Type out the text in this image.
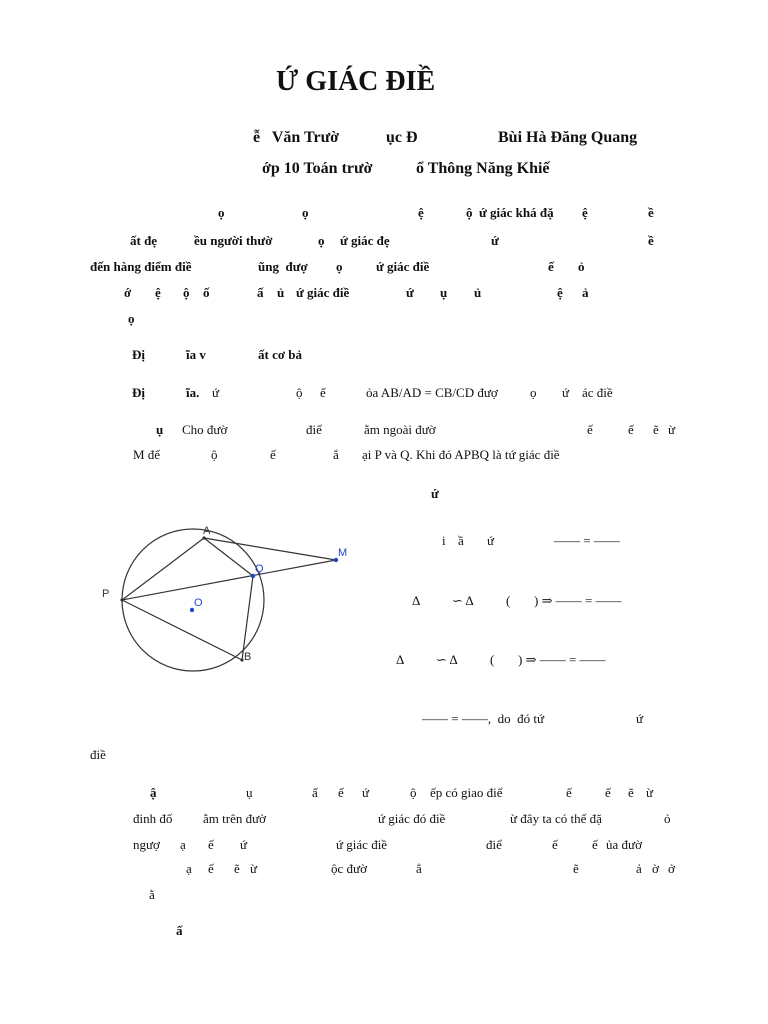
Ứ GIÁC ĐIỀ
ễ   Văn Trườ	ục Đ	Bùi Hà Đăng Quang
ớp 10 Toán trườ	ổ Thông Năng Khiế
ọ	ọ	ệ	ộ  ứ giác khá đặ ệ	ề
ất đẹ	ều người thườ	ọ ứ giác đẹ	ứ	ề
đến hàng điểm điề	ũng  đượ ọ	ứ giác điề	ế ỏ
ớ ệ ộ ố	ấ ủ ứ giác điề	ứ ụ ủ	ệ ả
ọ
Đị	ĩa v	ất cơ bả
Đị	ĩa. ứ	ộ ế	ỏa AB/AD = CB/CD đượ ọ ứ ác điề
ụ Cho đườ	điể	ằm ngoài đườ	ế	ế ẽ ừ
M đế	ộ	ế	ắ ại P và Q. Khi đó APBQ là tứ giác điề
ứ
A
M
Q
P
O
B
i ầ ứ	—— = ——
Δ ∽ Δ ( ) ⇒ —— = ——
Δ ∽ Δ ( ) ⇒ —— = ——
—— = ——,  do  đó tứ	ứ
điề
ậ	ụ	ấ ế ứ	ộ ếp có giao điể	ế	ế ẽ ừ
đinh đố ằm trên đườ	ứ giác đó điề	ừ đây ta có thể đặ	ỏ
ngượ ạ ế ứ	ứ giác điề	điể	ế	ế ủa đườ
ạ ế ẽ ừ	ộc đườ	ẳ	ẽ	ả ờ ở
ằ
ấ
